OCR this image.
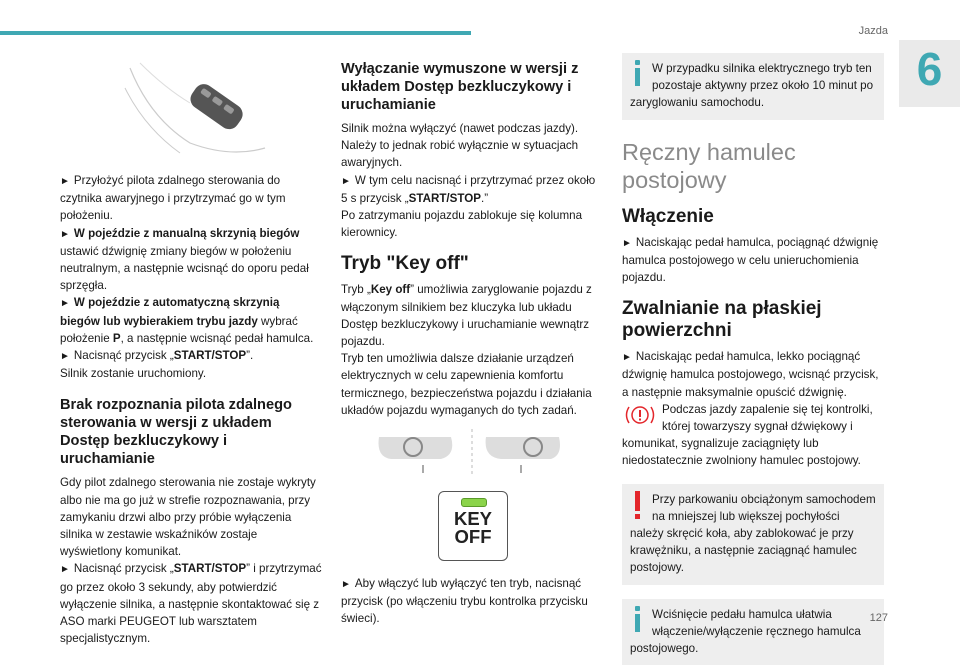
Jazda
6

► Przyłożyć pilota zdalnego sterowania do czytnika awaryjnego i przytrzymać go w tym położeniu.

► W pojeździe z manualną skrzynią biegów ustawić dźwignię zmiany biegów w położeniu neutralnym, a następnie wcisnąć do oporu pedał sprzęgła.

► W pojeździe z automatyczną skrzynią biegów lub wybierakiem trybu jazdy wybrać położenie P, a następnie wcisnąć pedał hamulca.

► Nacisnąć przycisk „START/STOP”.

Silnik zostanie uruchomiony.

Brak rozpoznania pilota zdalnego sterowania w wersji z układem Dostęp bezkluczykowy i uruchamianie

Gdy pilot zdalnego sterowania nie zostaje wykryty albo nie ma go już w strefie rozpoznawania, przy zamykaniu drzwi albo przy próbie wyłączenia silnika w zestawie wskaźników zostaje wyświetlony komunikat.

► Nacisnąć przycisk „START/STOP” i przytrzymać go przez około 3 sekundy, aby potwierdzić wyłączenie silnika, a następnie skontaktować się z ASO marki PEUGEOT lub warsztatem specjalistycznym.

Wyłączanie wymuszone w wersji z układem Dostęp bezkluczykowy i uruchamianie

Silnik można wyłączyć (nawet podczas jazdy).

Należy to jednak robić wyłącznie w sytuacjach awaryjnych.

► W tym celu nacisnąć i przytrzymać przez około 5 s przycisk „START/STOP.”

Po zatrzymaniu pojazdu zablokuje się kolumna kierownicy.

Tryb "Key off"

Tryb „Key off” umożliwia zaryglowanie pojazdu z włączonym silnikiem bez kluczyka lub układu Dostęp bezkluczykowy i uruchamianie wewnątrz pojazdu.

Tryb ten umożliwia dalsze działanie urządzeń elektrycznych w celu zapewnienia komfortu termicznego, bezpieczeństwa pojazdu i działania układów pojazdu wymaganych do tych zadań.

KEY
OFF

► Aby włączyć lub wyłączyć ten tryb, nacisnąć przycisk (po włączeniu trybu kontrolka przycisku świeci).

W przypadku silnika elektrycznego tryb ten pozostaje aktywny przez około 10 minut po zaryglowaniu samochodu.
Ręczny hamulec postojowy
Włączenie

► Naciskając pedał hamulca, pociągnąć dźwignię hamulca postojowego w celu unieruchomienia pojazdu.

Zwalnianie na płaskiej powierzchni

► Naciskając pedał hamulca, lekko pociągnąć dźwignię hamulca postojowego, wcisnąć przycisk, a następnie maksymalnie opuścić dźwignię.

Podczas jazdy zapalenie się tej kontrolki, której towarzyszy sygnał dźwiękowy i komunikat, sygnalizuje zaciągnięty lub niedostatecznie zwolniony hamulec postojowy.

Przy parkowaniu obciążonym samochodem na mniejszej lub większej pochyłości należy skręcić koła, aby zablokować je przy krawężniku, a następnie zaciągnąć hamulec postojowy.
Wciśnięcie pedału hamulca ułatwia włączenie/wyłączenie ręcznego hamulca postojowego.
127
